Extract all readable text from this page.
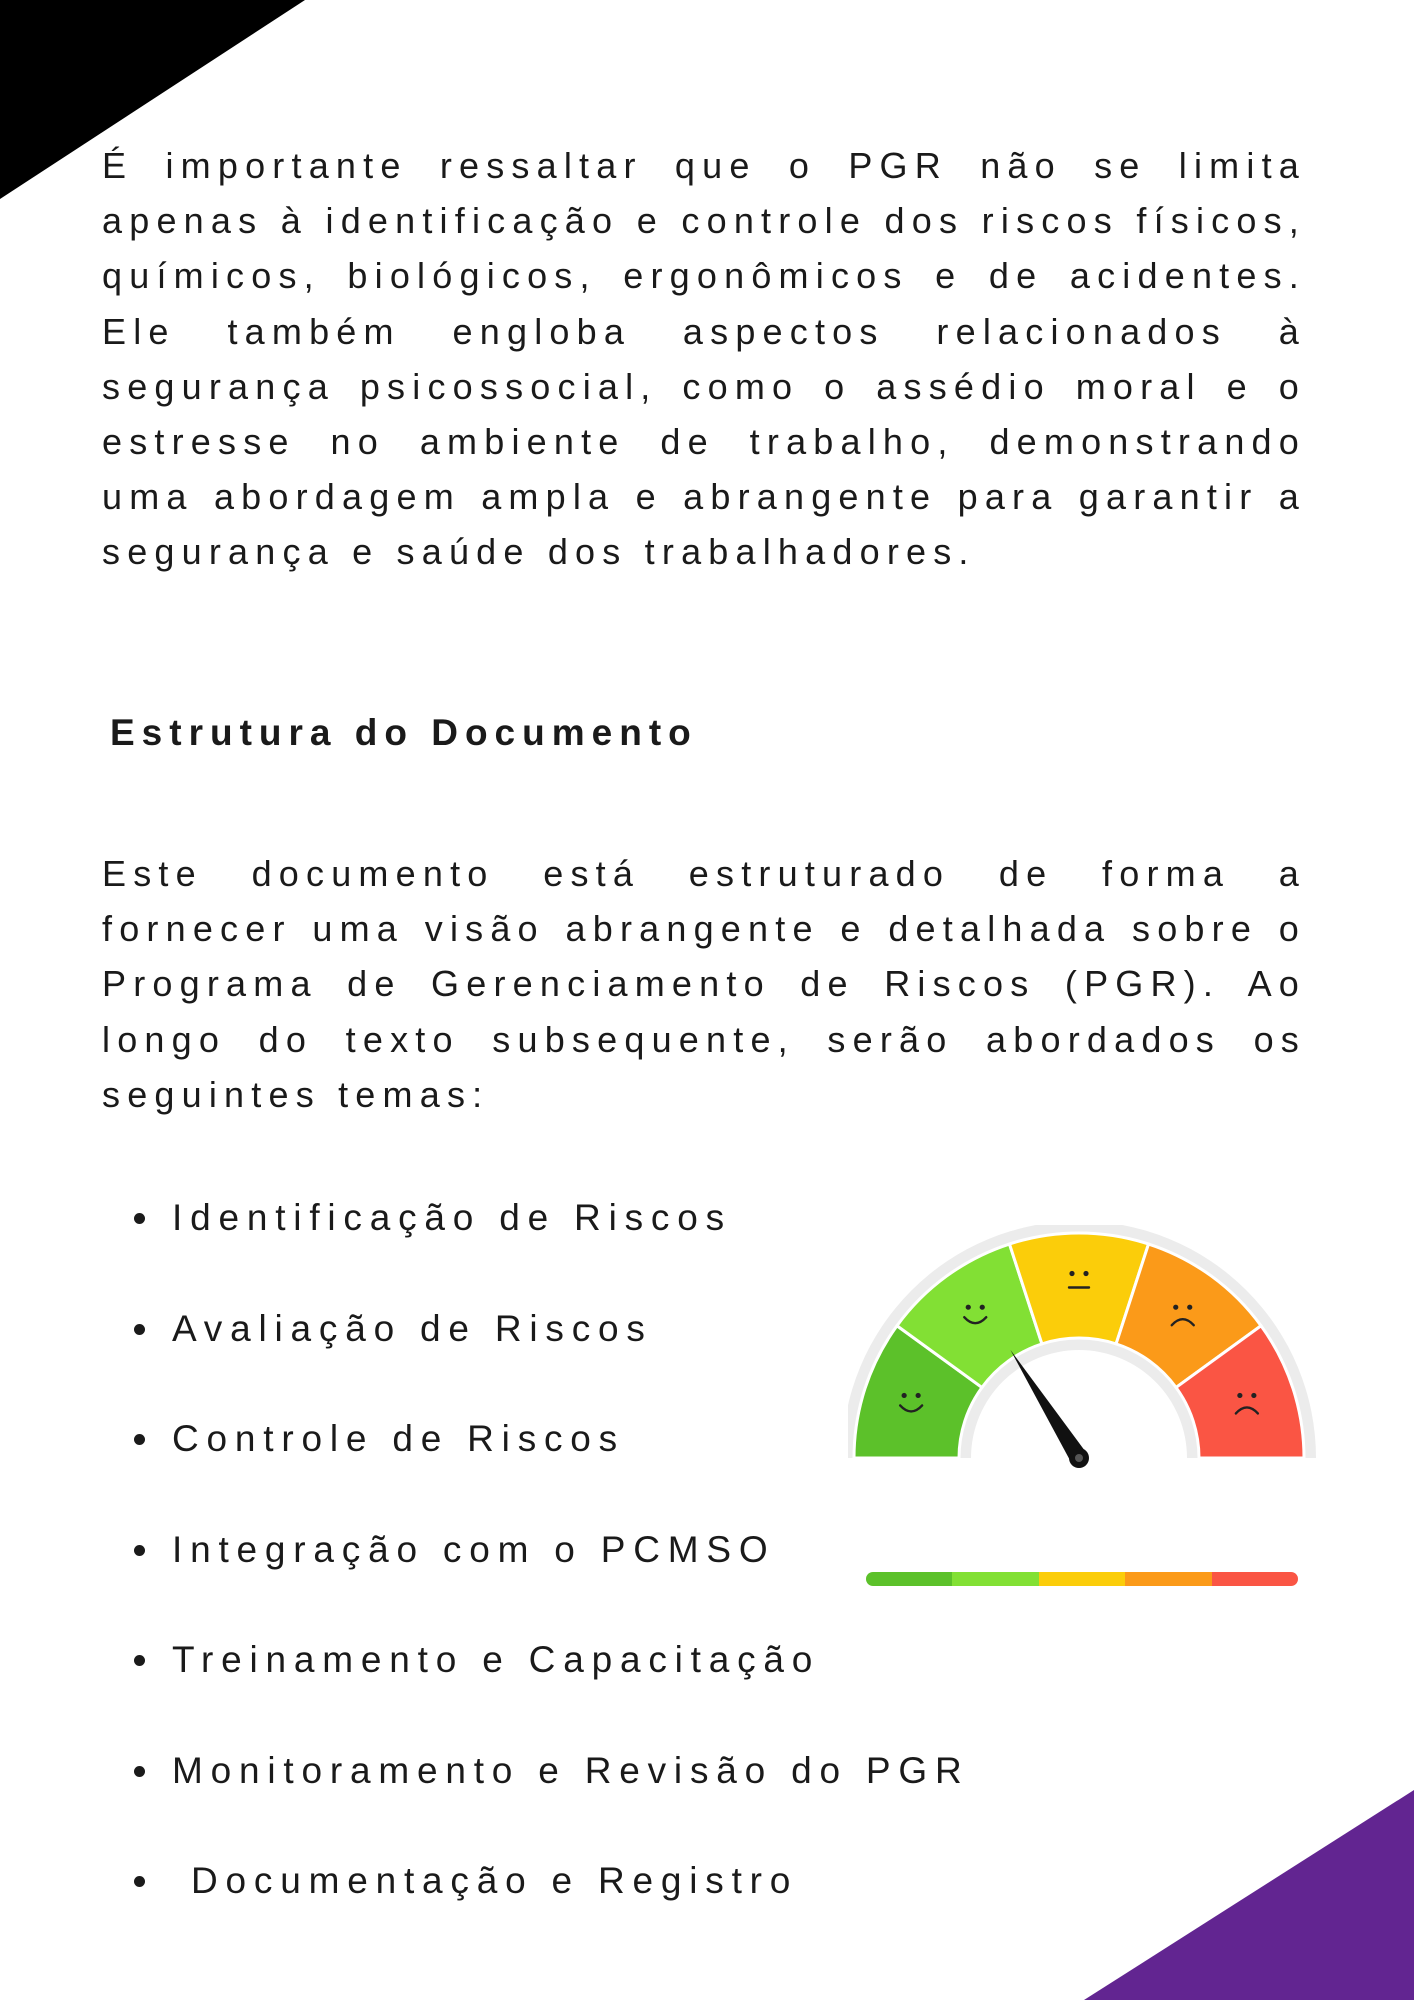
É importante ressaltar que o PGR não se limita apenas à identificação e controle dos riscos físicos, químicos, biológicos, ergonômicos e de acidentes. Ele também engloba aspectos relacionados à segurança psicossocial, como o assédio moral e o estresse no ambiente de trabalho, demonstrando uma abordagem ampla e abrangente para garantir a segurança e saúde dos trabalhadores.

Estrutura do Documento

Este documento está estruturado de forma a fornecer uma visão abrangente e detalhada sobre o Programa de Gerenciamento de Riscos (PGR). Ao longo do texto subsequente, serão abordados os seguintes temas:

Identificação de Riscos
Avaliação de Riscos
Controle de Riscos
Integração com o PCMSO
Treinamento e Capacitação
Monitoramento e Revisão do PGR
Documentação e Registro
